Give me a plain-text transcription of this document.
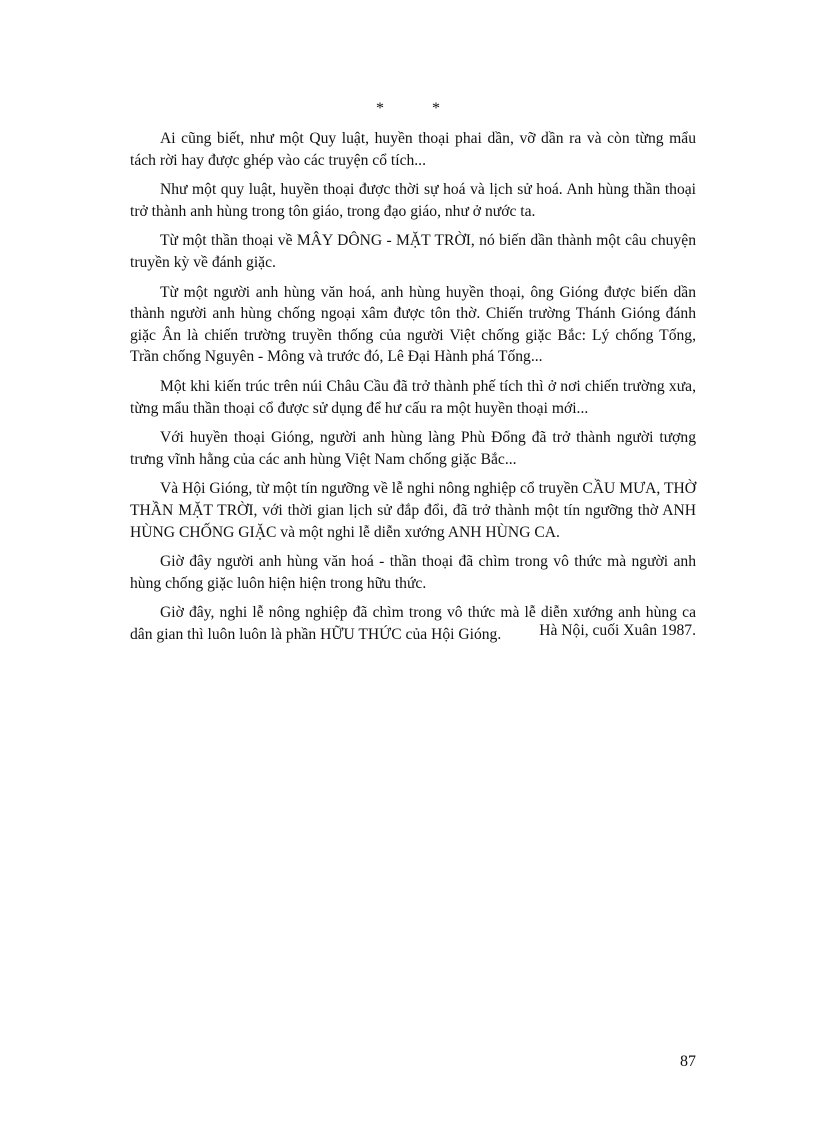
* *

Ai cũng biết, như một Quy luật, huyền thoại phai dần, vỡ dần ra và còn từng mẩu tách rời hay được ghép vào các truyện cổ tích...

Như một quy luật, huyền thoại được thời sự hoá và lịch sử hoá. Anh hùng thần thoại trở thành anh hùng trong tôn giáo, trong đạo giáo, như ở nước ta.

Từ một thần thoại về MÂY DÔNG - MẶT TRỜI, nó biến dần thành một câu chuyện truyền kỳ về đánh giặc.

Từ một người anh hùng văn hoá, anh hùng huyền thoại, ông Gióng được biến dần thành người anh hùng chống ngoại xâm được tôn thờ. Chiến trường Thánh Gióng đánh giặc Ân là chiến trường truyền thống của người Việt chống giặc Bắc: Lý chống Tống, Trần chống Nguyên - Mông và trước đó, Lê Đại Hành phá Tống...

Một khi kiến trúc trên núi Châu Cầu đã trở thành phế tích thì ở nơi chiến trường xưa, từng mẩu thần thoại cổ được sử dụng để hư cấu ra một huyền thoại mới...

Với huyền thoại Gióng, người anh hùng làng Phù Đổng đã trở thành người tượng trưng vĩnh hằng của các anh hùng Việt Nam chống giặc Bắc...

Và Hội Gióng, từ một tín ngưỡng về lễ nghi nông nghiệp cổ truyền CẦU MƯA, THỜ THẦN MẶT TRỜI, với thời gian lịch sử đắp đổi, đã trở thành một tín ngưỡng thờ ANH HÙNG CHỐNG GIẶC và một nghi lễ diễn xướng ANH HÙNG CA.

Giờ đây người anh hùng văn hoá - thần thoại đã chìm trong vô thức mà người anh hùng chống giặc luôn hiện hiện trong hữu thức.

Giờ đây, nghi lễ nông nghiệp đã chìm trong vô thức mà lễ diễn xướng anh hùng ca dân gian thì luôn luôn là phần HỮU THỨC của Hội Gióng.	Hà Nội, cuối Xuân 1987.
87
